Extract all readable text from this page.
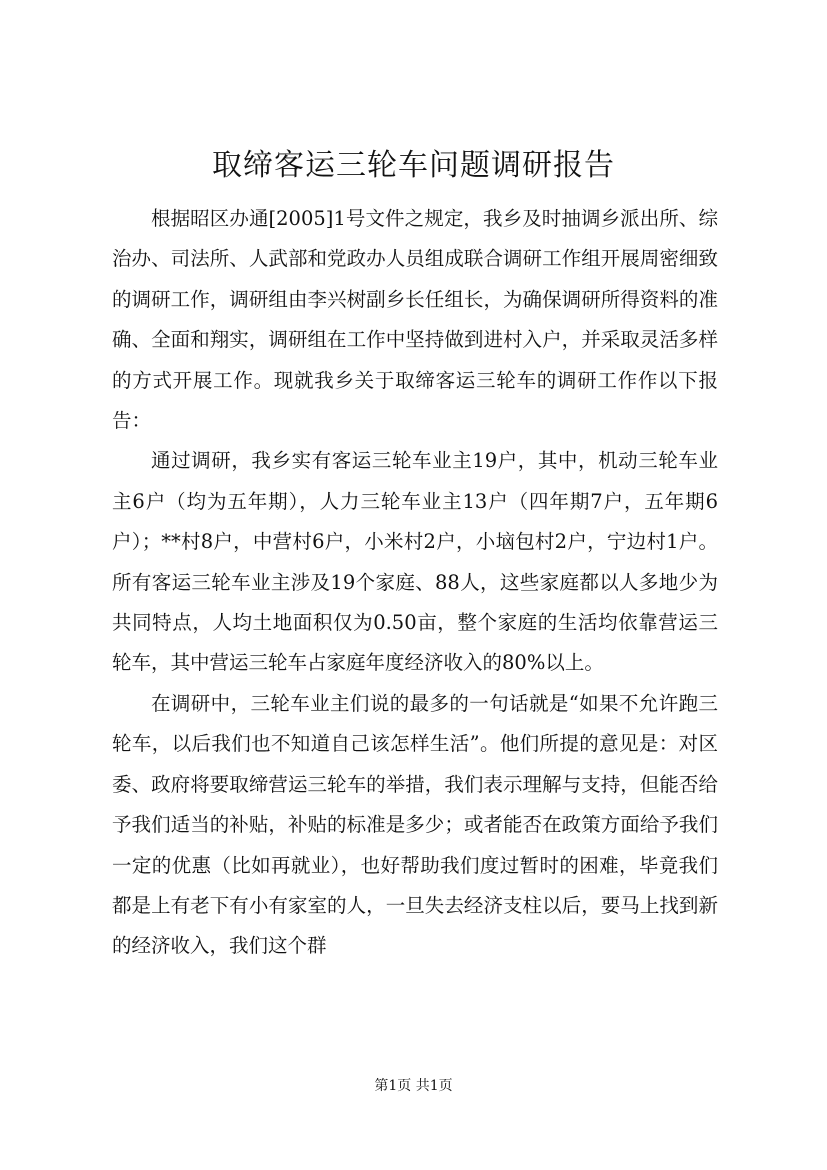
取缔客运三轮车问题调研报告

根据昭区办通[2005]1号文件之规定，我乡及时抽调乡派出所、综治办、司法所、人武部和党政办人员组成联合调研工作组开展周密细致的调研工作，调研组由李兴树副乡长任组长，为确保调研所得资料的准确、全面和翔实，调研组在工作中坚持做到进村入户，并采取灵活多样的方式开展工作。现就我乡关于取缔客运三轮车的调研工作作以下报告：

通过调研，我乡实有客运三轮车业主19户，其中，机动三轮车业主6户（均为五年期），人力三轮车业主13户（四年期7户，五年期6户）；**村8户，中营村6户，小米村2户，小垴包村2户，宁边村1户。所有客运三轮车业主涉及19个家庭、88人，这些家庭都以人多地少为共同特点，人均土地面积仅为0.50亩，整个家庭的生活均依靠营运三轮车，其中营运三轮车占家庭年度经济收入的80%以上。

在调研中，三轮车业主们说的最多的一句话就是“如果不允许跑三轮车，以后我们也不知道自己该怎样生活”。他们所提的意见是：对区委、政府将要取缔营运三轮车的举措，我们表示理解与支持，但能否给予我们适当的补贴，补贴的标准是多少；或者能否在政策方面给予我们一定的优惠（比如再就业），也好帮助我们度过暂时的困难，毕竟我们都是上有老下有小有家室的人，一旦失去经济支柱以后，要马上找到新的经济收入，我们这个群

第1页 共1页
